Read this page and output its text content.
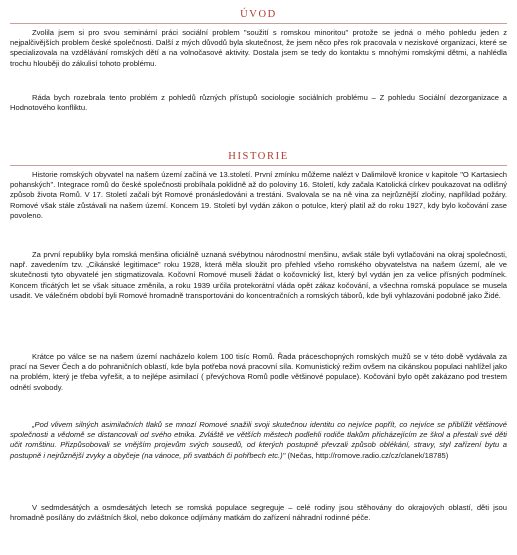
ÚVOD

Zvolila jsem si pro svou seminární práci sociální problem "soužití s romskou minoritou" protože se jedná o mého pohledu jeden z nejpalčivějších problem české společnosti. Další z mých důvodů byla skutečnost, že jsem něco přes rok pracovala v neziskové organizaci, které se specializovala na vzdělávání romských dětí a na volnočasové aktivity. Dostala jsem se tedy do kontaktu s mnohými romskými dětmi, a nahlédla trochu hlouběji do zákulisí tohoto problému.

Ráda bych rozebrala tento problém z pohledů různých přístupů sociologie sociálních problému – Z pohledu Sociální dezorganizace a Hodnotového konfliktu.

HISTORIE

Historie romských obyvatel na našem území začíná ve 13.století. První zmínku můžeme nalézt v Dalimilově kronice v kapitole "O Kartasiech pohanských". Integrace romů do české společnosti probíhala poklidně až do poloviny 16. Století, kdy začala Katolická církev poukazovat na odlišný způsob života Romů. V 17. Století začali být Romové pronásledováni a trestáni. Svalovala se na ně vina za nejrůznější zločiny, například požáry. Romové však stále zůstávali na našem území. Koncem 19. Století byl vydán zákon o potulce, který platil až do roku 1927, kdy bylo kočování zase povoleno.

Za první republiky byla romská menšina oficiálně uznaná svébytnou národnostní menšinu, avšak stále byli vytlačováni na okraj společnosti, např. zavedením tzv. „Cikánské legitimace" roku 1928, která měla sloužit pro přehled všeho romského obyvatelstva na našem území, ale ve skutečnosti tyto obyvatelé jen stigmatizovala. Kočovní Romové museli žádat o kočovnický list, který byl vydán jen za velice přísných podmínek. Koncem třicátých let se však situace změnila, a roku 1939 určila protekorátní vláda opět zákaz kočování, a všechna romská populace se musela usadit. Ve válečném období byli Romové hromadně transportováni do koncentračních a romských táborů, kde byli vyhlazováni podobně jako Židé.

Krátce po válce se na našem území nacházelo kolem 100 tisíc Romů. Řada práceschopných romských mužů se v této době vydávala za prací na Sever Čech a do pohraničních oblastí, kde byla potřeba nová pracovní síla. Komunistický režim ovšem na cikánskou populaci nahlížel jako na problém, který je třeba vyřešit, a to nejlépe asimilací ( převýchova Romů podle většinové populace). Kočování bylo opět zakázano pod trestem odnětí svobody.

„Pod vlivem silných asimilačních tlaků se mnozí Romové snažili svoji skutečnou identitu co nejvíce popřít, co nejvíce se přiblížit většinové společnosti a vědomě se distancovali od svého etnika. Zvláště ve větších městech podlehli rodiče tlakům přicházejícím ze škol a přestali své děti učit romštinu. Přizpůsobovali se vnějším projevům svých sousedů, od kterých postupně převzali způsob oblékání, stravy, styl zařízení bytu a postupně i nejrůznější zvyky a obyčeje (na vánoce, při svatbách či pohřbech etc.)" (Nečas, http://romove.radio.cz/cz/clanek/18785)

V sedmdesátých a osmdesátých letech se romská populace segreguje – celé rodiny jsou stěhovány do okrajových oblastí, děti jsou hromadně posílány do zvláštních škol, nebo dokonce odjímány matkám do zařízení náhradní rodinné péče.
